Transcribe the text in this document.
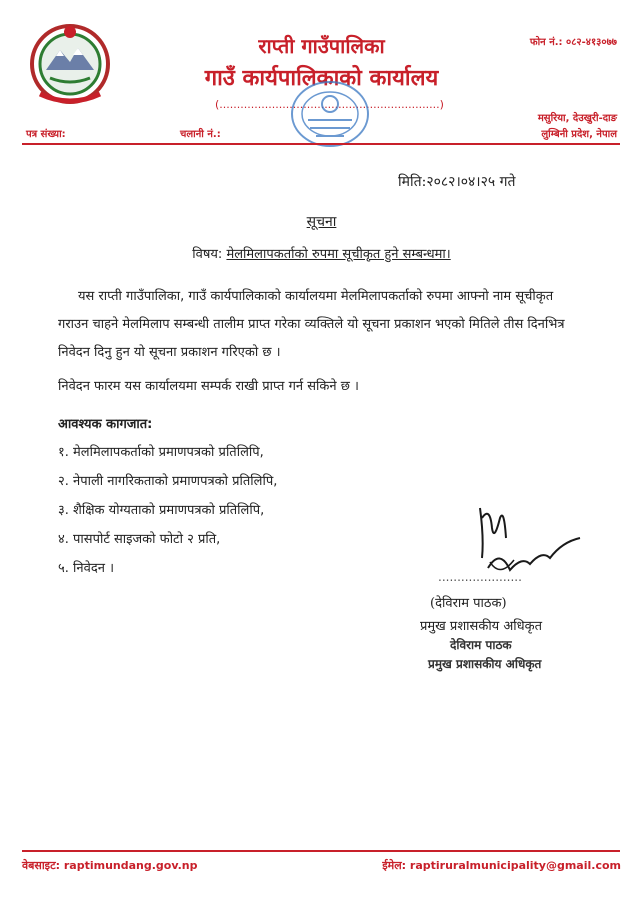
राप्ती गाउँपालिका
गाउँ कार्यपालिकाको कार्यालय
(...............................................................)
फोन नं.: ०८२-४१३०७७
मसुरिया, देउखुरी-दाङ
लुम्बिनी प्रदेश, नेपाल
पत्र संख्या:	चलानी नं.:
मिति:२०८२।०४।२५ गते
सूचना
विषय: मेलमिलापकर्ताको रुपमा सूचीकृत हुने सम्बन्धमा।
यस राप्ती गाउँपालिका, गाउँ कार्यपालिकाको कार्यालयमा मेलमिलापकर्ताको रुपमा आफ्नो नाम सूचीकृत गराउन चाहने मेलमिलाप सम्बन्धी तालीम प्राप्त गरेका व्यक्तिले यो सूचना प्रकाशन भएको मितिले तीस दिनभित्र निवेदन दिनु हुन यो सूचना प्रकाशन गरिएको छ ।
निवेदन फारम यस कार्यालयमा सम्पर्क राखी प्राप्त गर्न सकिने छ ।
आवश्यक कागजात:
१. मेलमिलापकर्ताको प्रमाणपत्रको प्रतिलिपि,
२. नेपाली नागरिकताको प्रमाणपत्रको प्रतिलिपि,
३. शैक्षिक योग्यताको प्रमाणपत्रको प्रतिलिपि,
४. पासपोर्ट साइजको फोटो २ प्रति,
५. निवेदन ।
......................
(देविराम पाठक)
प्रमुख प्रशासकीय अधिकृत
देविराम पाठक
प्रमुख प्रशासकीय अधिकृत
वेबसाइट: raptimundang.gov.np	ईमेल: raptiruralmunicipality@gmail.com
